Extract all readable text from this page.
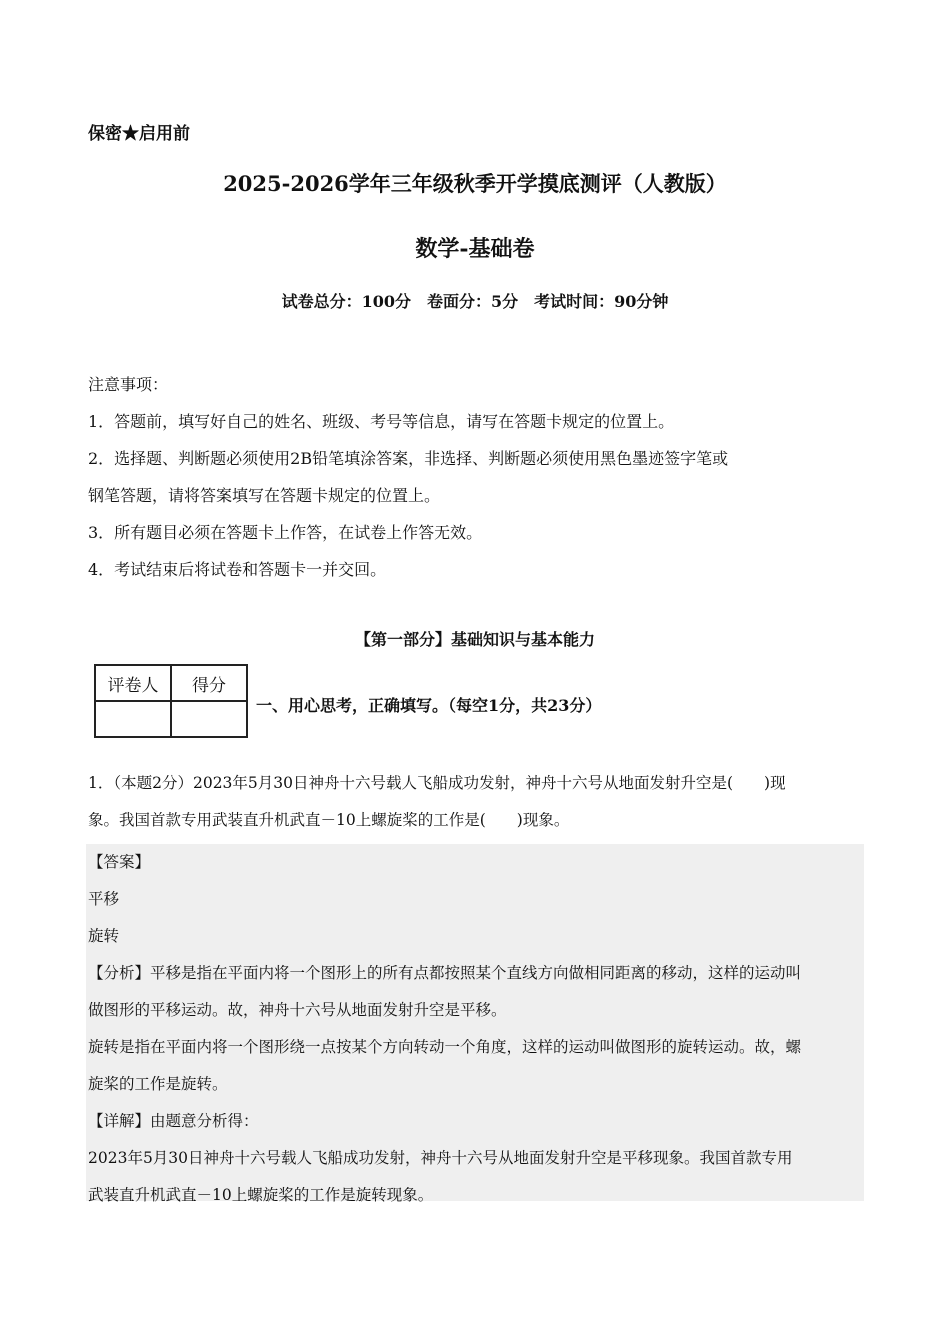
保密★启用前
2025-2026学年三年级秋季开学摸底测评（人教版）
数学-基础卷
试卷总分：100分　卷面分：5分　考试时间：90分钟

注意事项：

1．答题前，填写好自己的姓名、班级、考号等信息，请写在答题卡规定的位置上。

2．选择题、判断题必须使用2B铅笔填涂答案，非选择、判断题必须使用黑色墨迹签字笔或

钢笔答题，请将答案填写在答题卡规定的位置上。

3．所有题目必须在答题卡上作答，在试卷上作答无效。

4．考试结束后将试卷和答题卡一并交回。

【第一部分】基础知识与基本能力
评卷人	得分

一、用心思考，正确填写。（每空1分，共23分）

1．（本题2分）2023年5月30日神舟十六号载人飞船成功发射，神舟十六号从地面发射升空是(　　)现

象。我国首款专用武装直升机武直－10上螺旋桨的工作是(　　)现象。

【答案】

平移

旋转

【分析】平移是指在平面内将一个图形上的所有点都按照某个直线方向做相同距离的移动，这样的运动叫

做图形的平移运动。故，神舟十六号从地面发射升空是平移。

旋转是指在平面内将一个图形绕一点按某个方向转动一个角度，这样的运动叫做图形的旋转运动。故，螺

旋桨的工作是旋转。

【详解】由题意分析得：

2023年5月30日神舟十六号载人飞船成功发射，神舟十六号从地面发射升空是平移现象。我国首款专用

武装直升机武直－10上螺旋桨的工作是旋转现象。
